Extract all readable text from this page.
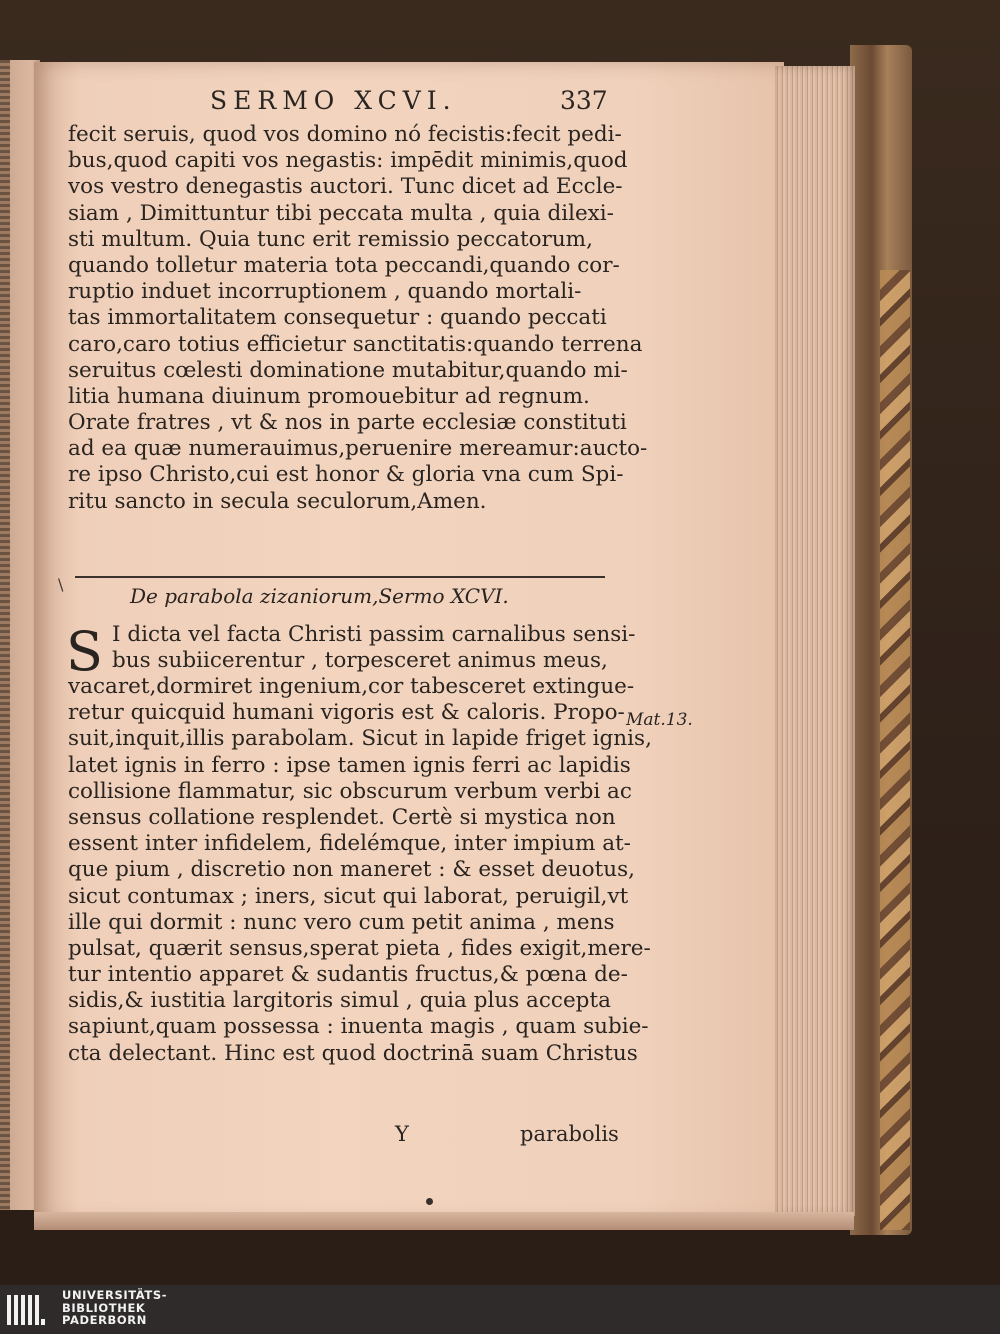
SERMO XCVI.	337
fecit seruis, quod vos domino nó fecistis:fecit pedi-
bus,quod capiti vos negastis: impēdit minimis,quod
vos vestro denegastis auctori. Tunc dicet ad Eccle-
siam , Dimittuntur tibi peccata multa , quia dilexi-
sti multum. Quia tunc erit remissio peccatorum,
quando tolletur materia tota peccandi,quando cor-
ruptio induet incorruptionem , quando mortali-
tas immortalitatem consequetur : quando peccati
caro,caro totius efficietur sanctitatis:quando terrena
seruitus cœlesti dominatione mutabitur,quando mi-
litia humana diuinum promouebitur ad regnum.
Orate fratres , vt & nos in parte ecclesiæ constituti
ad ea quæ numerauimus,peruenire mereamur:aucto-
re ipso Christo,cui est honor & gloria vna cum Spi-
ritu sancto in secula seculorum,Amen.
\	De parabola zizaniorum,Sermo XCVI.
S I dicta vel facta Christi passim carnalibus sensi-
bus subiicerentur , torpesceret animus meus,
vacaret,dormiret ingenium,cor tabesceret extingue-
retur quicquid humani vigoris est & caloris. Propo-
suit,inquit,illis parabolam. Sicut in lapide friget ignis,
latet ignis in ferro : ipse tamen ignis ferri ac lapidis
collisione flammatur, sic obscurum verbum verbi ac
sensus collatione resplendet. Certè si mystica non
essent inter infidelem, fidelémque, inter impium at-
que pium , discretio non maneret : & esset deuotus,
sicut contumax ; iners, sicut qui laborat, peruigil,vt
ille qui dormit : nunc vero cum petit anima , mens
pulsat, quærit sensus,sperat pieta , fides exigit,mere-
tur intentio apparet & sudantis fructus,& pœna de-
sidis,& iustitia largitoris simul , quia plus accepta
sapiunt,quam possessa : inuenta magis , quam subie-
cta delectant. Hinc est quod doctrinā suam Christus
Mat.13.
Y	parabolis
UNIVERSITÄTS-
BIBLIOTHEK
PADERBORN
